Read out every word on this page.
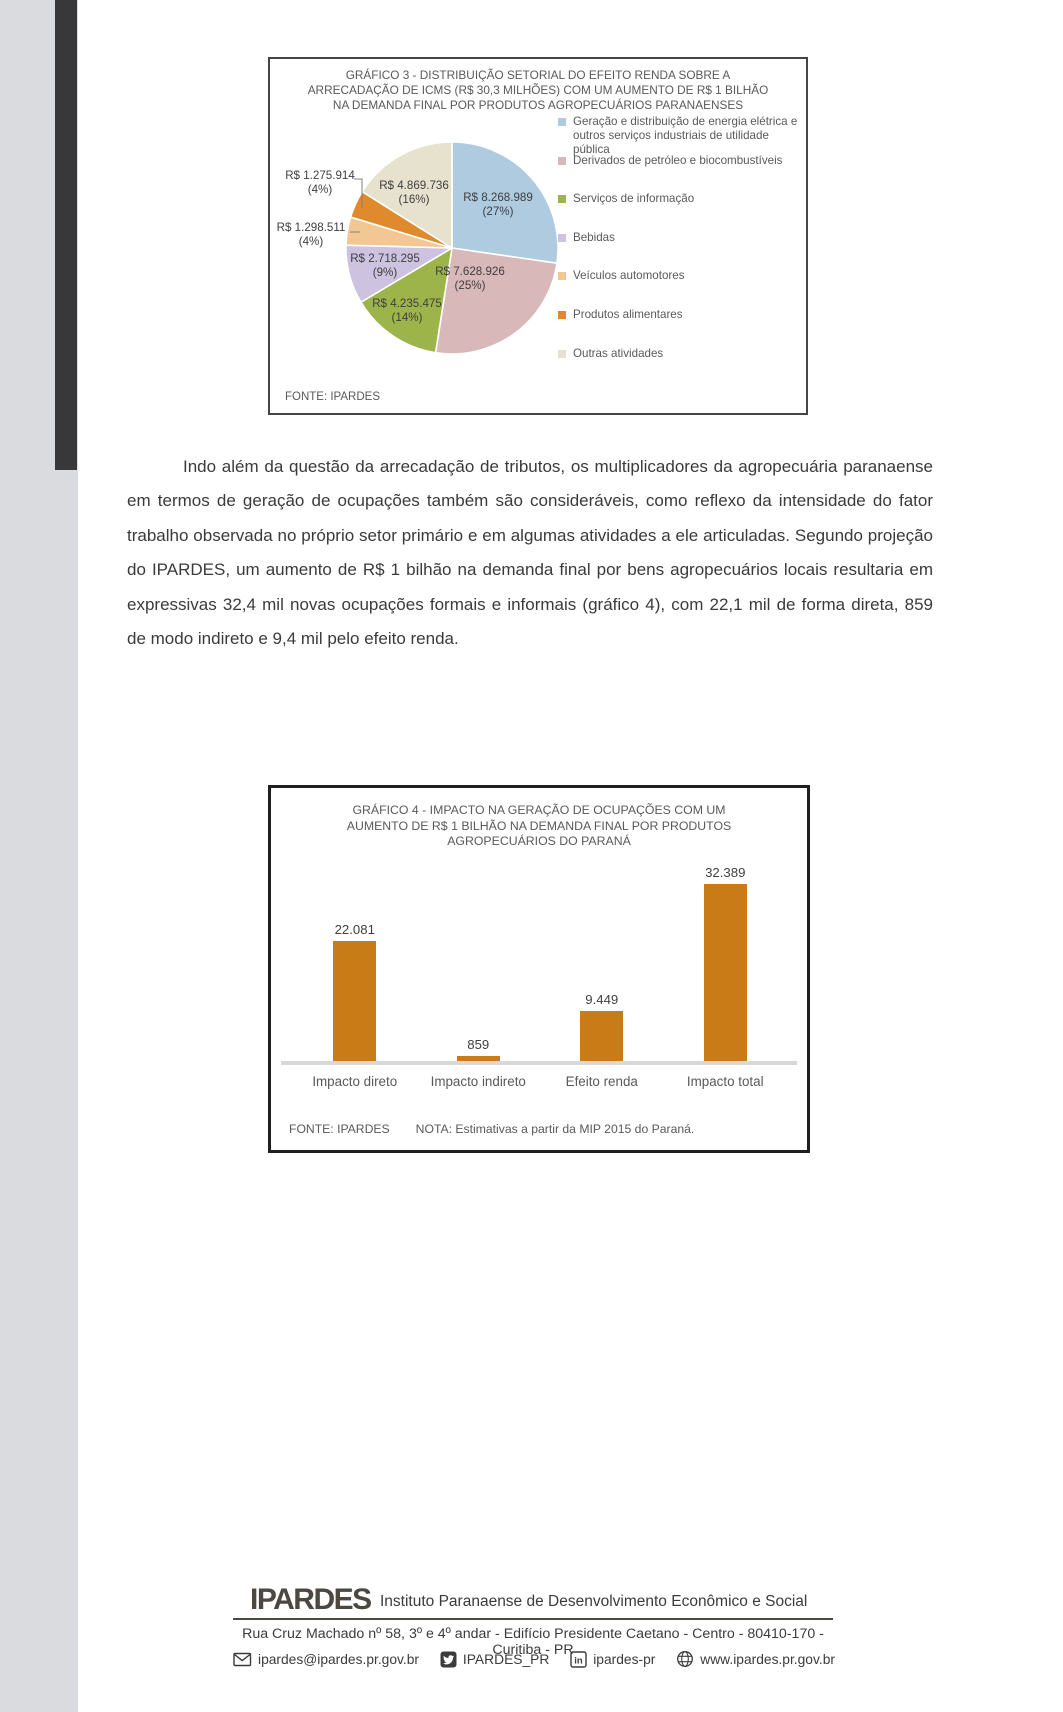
GRÁFICO 3 - DISTRIBUIÇÃO SETORIAL DO EFEITO RENDA SOBRE A ARRECADAÇÃO DE ICMS (R$ 30,3 MILHÕES) COM UM AUMENTO DE R$ 1 BILHÃO NA DEMANDA FINAL POR PRODUTOS AGROPECUÁRIOS PARANAENSES
R$ 8.268.989
(27%)
R$ 7.628.926
(25%)
R$ 4.235.475
(14%)
R$ 2.718.295
(9%)
R$ 4.869.736
(16%)
R$ 1.275.914
(4%)
R$ 1.298.511
(4%)
Geração e distribuição de energia elétrica e outros serviços industriais de utilidade pública
Derivados de petróleo e biocombustíveis
Serviços de informação
Bebidas
Veículos automotores
Produtos alimentares
Outras atividades
FONTE: IPARDES

Indo além da questão da arrecadação de tributos, os multiplicadores da agropecuária paranaense em termos de geração de ocupações também são consideráveis, como reflexo da intensidade do fator trabalho observada no próprio setor primário e em algumas atividades a ele articuladas. Segundo projeção do IPARDES, um aumento de R$ 1 bilhão na demanda final por bens agropecuários locais resultaria em expressivas 32,4 mil novas ocupações formais e informais (gráfico 4), com 22,1 mil de forma direta, 859 de modo indireto e 9,4 mil pelo efeito renda.

GRÁFICO 4 - IMPACTO NA GERAÇÃO DE OCUPAÇÕES COM UM AUMENTO DE R$ 1 BILHÃO NA DEMANDA FINAL POR PRODUTOS AGROPECUÁRIOS DO PARANÁ
22.081
859
9.449
32.389
Impacto direto	Impacto indireto	Efeito renda	Impacto total
FONTE: IPARDES NOTA: Estimativas a partir da MIP 2015 do Paraná.
IPARDES Instituto Paranaense de Desenvolvimento Econômico e Social
Rua Cruz Machado nº 58, 3º e 4º andar - Edifício Presidente Caetano - Centro - 80410-170 - Curitiba - PR
ipardes@ipardes.pr.gov.br	IPARDES_PR	in ipardes-pr	www.ipardes.pr.gov.br
